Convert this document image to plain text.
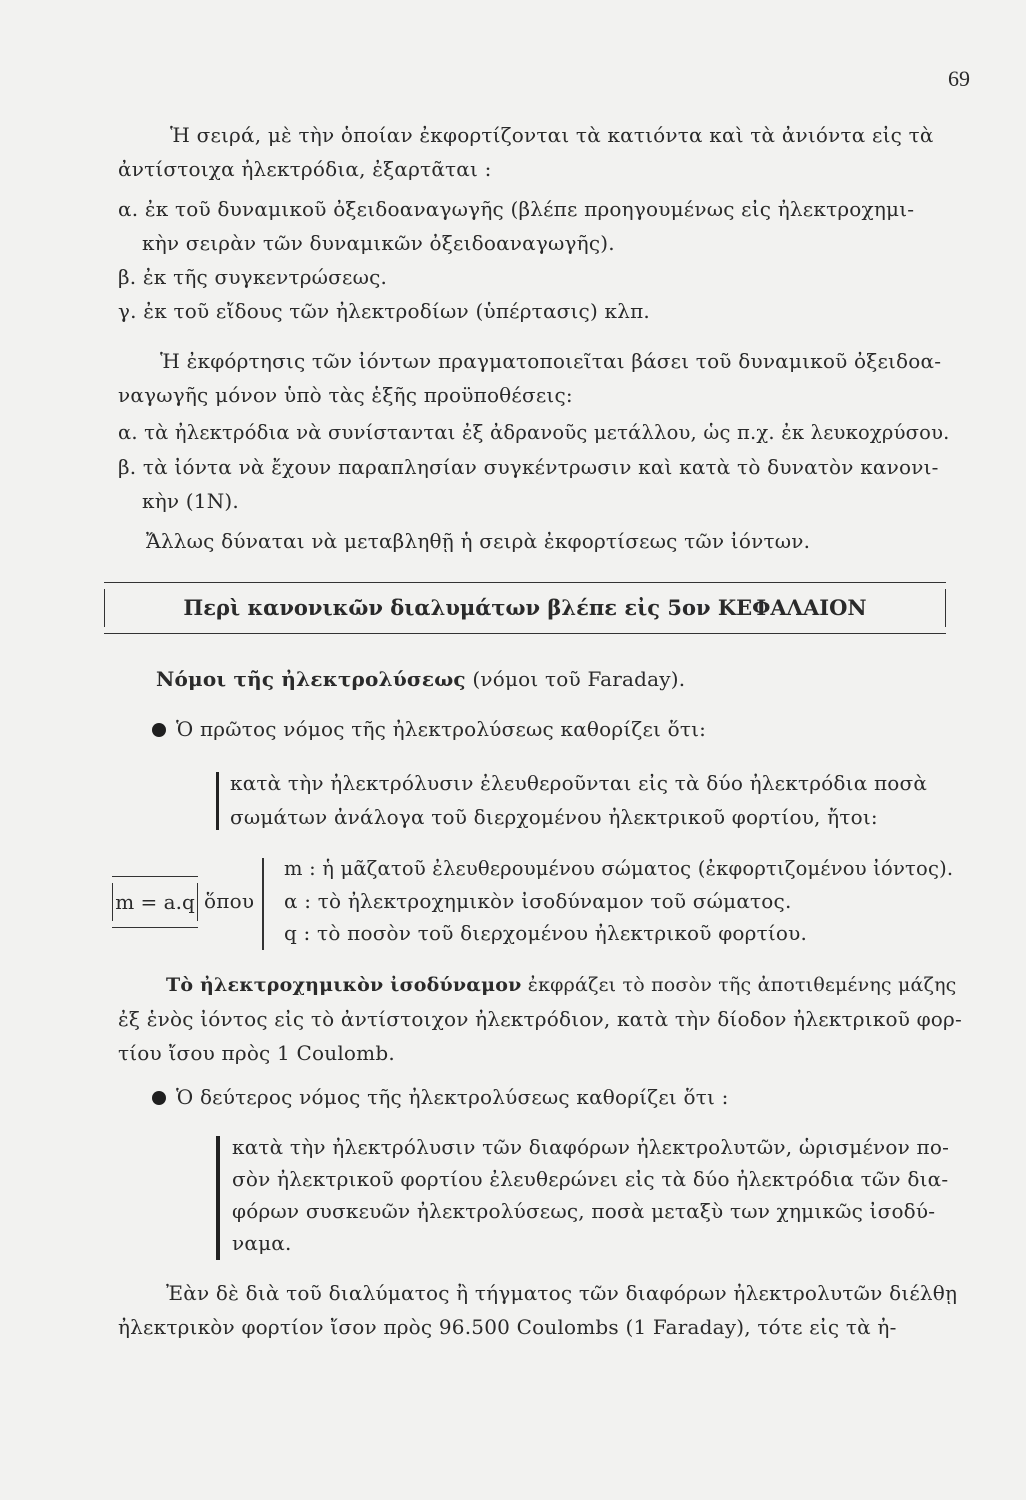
69
Ἡ σειρά, μὲ τὴν ὁποίαν ἐκφορτίζονται τὰ κατιόντα καὶ τὰ ἀνιόντα εἰς τὰ
ἀντίστοιχα ἠλεκτρόδια, ἐξαρτᾶται :
α. ἐκ τοῦ δυναμικοῦ ὀξειδοαναγωγῆς (βλέπε προηγουμένως εἰς ἠλεκτροχημι-
κὴν σειρὰν τῶν δυναμικῶν ὀξειδοαναγωγῆς).
β. ἐκ τῆς συγκεντρώσεως.
γ. ἐκ τοῦ εἴδους τῶν ἠλεκτροδίων (ὑπέρτασις) κλπ.
Ἡ ἐκφόρτησις τῶν ἰόντων πραγματοποιεῖται βάσει τοῦ δυναμικοῦ ὀξειδοα-
ναγωγῆς μόνον ὑπὸ τὰς ἑξῆς προϋποθέσεις:
α. τὰ ἠλεκτρόδια νὰ συνίστανται ἐξ ἀδρανοῦς μετάλλου, ὡς π.χ. ἐκ λευκοχρύσου.
β. τὰ ἰόντα νὰ ἔχουν παραπλησίαν συγκέντρωσιν καὶ κατὰ τὸ δυνατὸν κανονι-
κὴν (1Ν).
Ἄλλως δύναται νὰ μεταβληθῇ ἡ σειρὰ ἐκφορτίσεως τῶν ἰόντων.
Περὶ κανονικῶν διαλυμάτων βλέπε εἰς 5ον ΚΕΦΑΛΑΙΟΝ
Νόμοι τῆς ἠλεκτρολύσεως (νόμοι τοῦ Faraday).
Ὁ πρῶτος νόμος τῆς ἠλεκτρολύσεως καθορίζει ὅτι:
κατὰ τὴν ἠλεκτρόλυσιν ἐλευθεροῦνται εἰς τὰ δύο ἠλεκτρόδια ποσὰ
σωμάτων ἀνάλογα τοῦ διερχομένου ἠλεκτρικοῦ φορτίου, ἤτοι:
m = a.q ὅπου
m : ἡ μᾶζατοῦ ἐλευθερουμένου σώματος (ἐκφορτιζομένου ἰόντος).
α : τὸ ἠλεκτροχημικὸν ἰσοδύναμον τοῦ σώματος.
q : τὸ ποσὸν τοῦ διερχομένου ἠλεκτρικοῦ φορτίου.
Τὸ ἠλεκτροχημικὸν ἰσοδύναμον ἐκφράζει τὸ ποσὸν τῆς ἀποτιθεμένης μάζης
ἐξ ἑνὸς ἰόντος εἰς τὸ ἀντίστοιχον ἠλεκτρόδιον, κατὰ τὴν δίοδον ἠλεκτρικοῦ φορ-
τίου ἴσου πρὸς 1 Coulomb.
Ὁ δεύτερος νόμος τῆς ἠλεκτρολύσεως καθορίζει ὅτι :
κατὰ τὴν ἠλεκτρόλυσιν τῶν διαφόρων ἠλεκτρολυτῶν, ὡρισμένον πο-
σὸν ἠλεκτρικοῦ φορτίου ἐλευθερώνει εἰς τὰ δύο ἠλεκτρόδια τῶν δια-
φόρων συσκευῶν ἠλεκτρολύσεως, ποσὰ μεταξὺ των χημικῶς ἰσοδύ-
ναμα.
Ἐὰν δὲ διὰ τοῦ διαλύματος ἢ τήγματος τῶν διαφόρων ἠλεκτρολυτῶν διέλθῃ
ἠλεκτρικὸν φορτίον ἴσον πρὸς 96.500 Coulombs (1 Faraday), τότε εἰς τὰ ἠ-
